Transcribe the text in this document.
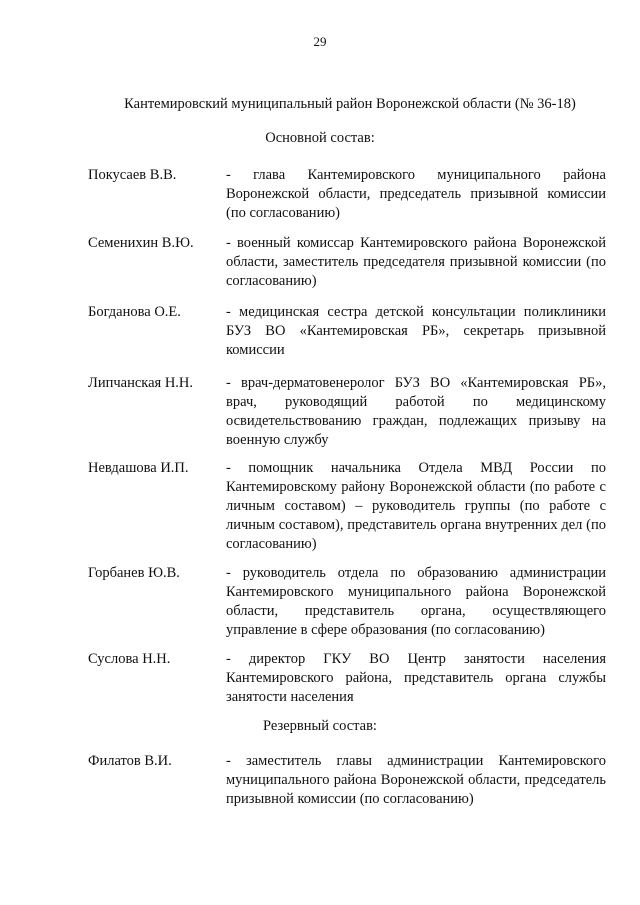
29
Кантемировский муниципальный район Воронежской области (№ 36-18)
Основной состав:
Покусаев В.В.	- глава Кантемировского муниципального района Воронежской области, председатель призывной комиссии (по согласованию)
Семенихин В.Ю. - военный комиссар Кантемировского района Воронежской области, заместитель председателя призывной комиссии (по согласованию)
Богданова О.Е.	- медицинская сестра детской консультации поликлиники БУЗ ВО «Кантемировская РБ», секретарь призывной комиссии
Липчанская Н.Н. - врач-дерматовенеролог БУЗ ВО «Кантемировская РБ», врач, руководящий работой по медицинскому освидетельствованию граждан, подлежащих призыву на военную службу
Невдашова И.П.	- помощник начальника Отдела МВД России по Кантемировскому району Воронежской области (по работе с личным составом) – руководитель группы (по работе с личным составом), представитель органа внутренних дел (по согласованию)
Горбанев Ю.В.	- руководитель отдела по образованию администрации Кантемировского муниципального района Воронежской области, представитель органа, осуществляющего управление в сфере образования (по согласованию)
Суслова Н.Н.	- директор ГКУ ВО Центр занятости населения Кантемировского района, представитель органа службы занятости населения
Резервный состав:
Филатов В.И.	- заместитель главы администрации Кантемировского муниципального района Воронежской области, председатель призывной комиссии (по согласованию)
